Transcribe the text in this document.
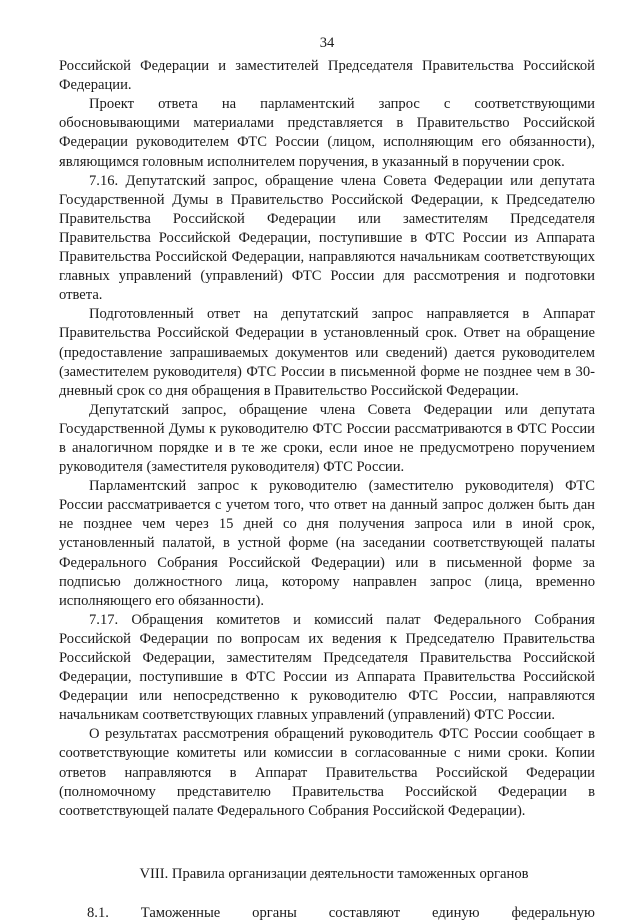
34

Российской Федерации и заместителей Председателя Правительства Российской Федерации.

Проект ответа на парламентский запрос с соответствующими обосновывающими материалами представляется в Правительство Российской Федерации руководителем ФТС России (лицом, исполняющим его обязанности), являющимся головным исполнителем поручения, в указанный в поручении срок.

7.16. Депутатский запрос, обращение члена Совета Федерации или депутата Государственной Думы в Правительство Российской Федерации, к Председателю Правительства Российской Федерации или заместителям Председателя Правительства Российской Федерации, поступившие в ФТС России из Аппарата Правительства Российской Федерации, направляются начальникам соответствующих главных управлений (управлений) ФТС России для рассмотрения и подготовки ответа.

Подготовленный ответ на депутатский запрос направляется в Аппарат Правительства Российской Федерации в установленный срок. Ответ на обращение (предоставление запрашиваемых документов или сведений) дается руководителем (заместителем руководителя) ФТС России в письменной форме не позднее чем в 30-дневный срок со дня обращения в Правительство Российской Федерации.

Депутатский запрос, обращение члена Совета Федерации или депутата Государственной Думы к руководителю ФТС России рассматриваются в ФТС России в аналогичном порядке и в те же сроки, если иное не предусмотрено поручением руководителя (заместителя руководителя) ФТС России.

Парламентский запрос к руководителю (заместителю руководителя) ФТС России рассматривается с учетом того, что ответ на данный запрос должен быть дан не позднее чем через 15 дней со дня получения запроса или в иной срок, установленный палатой, в устной форме (на заседании соответствующей палаты Федерального Собрания Российской Федерации) или в письменной форме за подписью должностного лица, которому направлен запрос (лица, временно исполняющего его обязанности).

7.17. Обращения комитетов и комиссий палат Федерального Собрания Российской Федерации по вопросам их ведения к Председателю Правительства Российской Федерации, заместителям Председателя Правительства Российской Федерации, поступившие в ФТС России из Аппарата Правительства Российской Федерации или непосредственно к руководителю ФТС России, направляются начальникам соответствующих главных управлений (управлений) ФТС России.

О результатах рассмотрения обращений руководитель ФТС России сообщает в соответствующие комитеты или комиссии в согласованные с ними сроки. Копии ответов направляются в Аппарат Правительства Российской Федерации (полномочному представителю Правительства Российской Федерации в соответствующей палате Федерального Собрания Российской Федерации).

VIII. Правила организации деятельности таможенных органов
8.1. Таможенные органы составляют единую федеральную
